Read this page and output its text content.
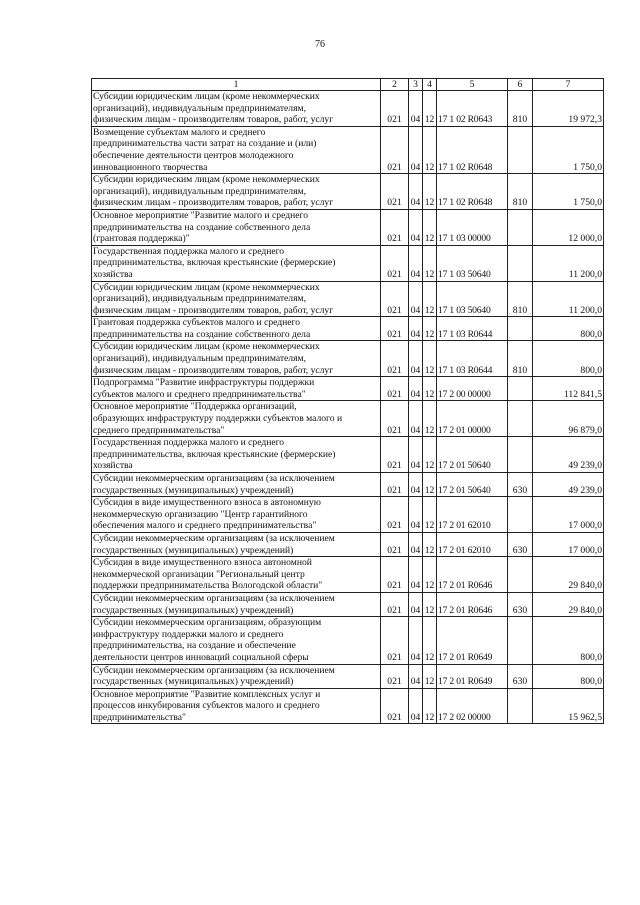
76
1	2	3	4	5	6	7
Субсидии юридическим лицам (кроме некоммерческих
организаций), индивидуальным предпринимателям,
физическим лицам - производителям товаров, работ, услуг	021	04	12	17 1 02 R0643	810	19 972,3
Возмещение субъектам малого и среднего
предпринимательства части затрат на создание и (или)
обеспечение деятельности центров молодежного
инновационного творчества	021	04	12	17 1 02 R0648		1 750,0
Субсидии юридическим лицам (кроме некоммерческих
организаций), индивидуальным предпринимателям,
физическим лицам - производителям товаров, работ, услуг	021	04	12	17 1 02 R0648	810	1 750,0
Основное мероприятие "Развитие малого и среднего
предпринимательства на создание собственного дела
(грантовая поддержка)"	021	04	12	17 1 03 00000		12 000,0
Государственная поддержка малого и среднего
предпринимательства, включая крестьянские (фермерские)
хозяйства	021	04	12	17 1 03 50640		11 200,0
Субсидии юридическим лицам (кроме некоммерческих
организаций), индивидуальным предпринимателям,
физическим лицам - производителям товаров, работ, услуг	021	04	12	17 1 03 50640	810	11 200,0
Грантовая поддержка субъектов малого и среднего
предпринимательства на создание собственного дела	021	04	12	17 1 03 R0644		800,0
Субсидии юридическим лицам (кроме некоммерческих
организаций), индивидуальным предпринимателям,
физическим лицам - производителям товаров, работ, услуг	021	04	12	17 1 03 R0644	810	800,0
Подпрограмма "Развитие инфраструктуры поддержки
субъектов малого и среднего предпринимательства"	021	04	12	17 2 00 00000		112 841,5
Основное мероприятие "Поддержка организаций,
образующих инфраструктуру поддержки субъектов малого и
среднего предпринимательства"	021	04	12	17 2 01 00000		96 879,0
Государственная поддержка малого и среднего
предпринимательства, включая крестьянские (фермерские)
хозяйства	021	04	12	17 2 01 50640		49 239,0
Субсидии некоммерческим организациям (за исключением
государственных (муниципальных) учреждений)	021	04	12	17 2 01 50640	630	49 239,0
Субсидия в виде имущественного взноса в автономную
некоммерческую организацию "Центр гарантийного
обеспечения малого и среднего предпринимательства"	021	04	12	17 2 01 62010		17 000,0
Субсидии некоммерческим организациям (за исключением
государственных (муниципальных) учреждений)	021	04	12	17 2 01 62010	630	17 000,0
Субсидия в виде имущественного взноса автономной
некоммерческой организации "Региональный центр
поддержки предпринимательства Вологодской области"	021	04	12	17 2 01 R0646		29 840,0
Субсидии некоммерческим организациям (за исключением
государственных (муниципальных) учреждений)	021	04	12	17 2 01 R0646	630	29 840,0
Субсидии некоммерческим организациям, образующим
инфраструктуру поддержки малого и среднего
предпринимательства, на создание и обеспечение
деятельности центров инноваций социальной сферы	021	04	12	17 2 01 R0649		800,0
Субсидии некоммерческим организациям (за исключением
государственных (муниципальных) учреждений)	021	04	12	17 2 01 R0649	630	800,0
Основное мероприятие "Развитие комплексных услуг и
процессов инкубирования субъектов малого и среднего
предпринимательства"	021	04	12	17 2 02 00000		15 962,5
